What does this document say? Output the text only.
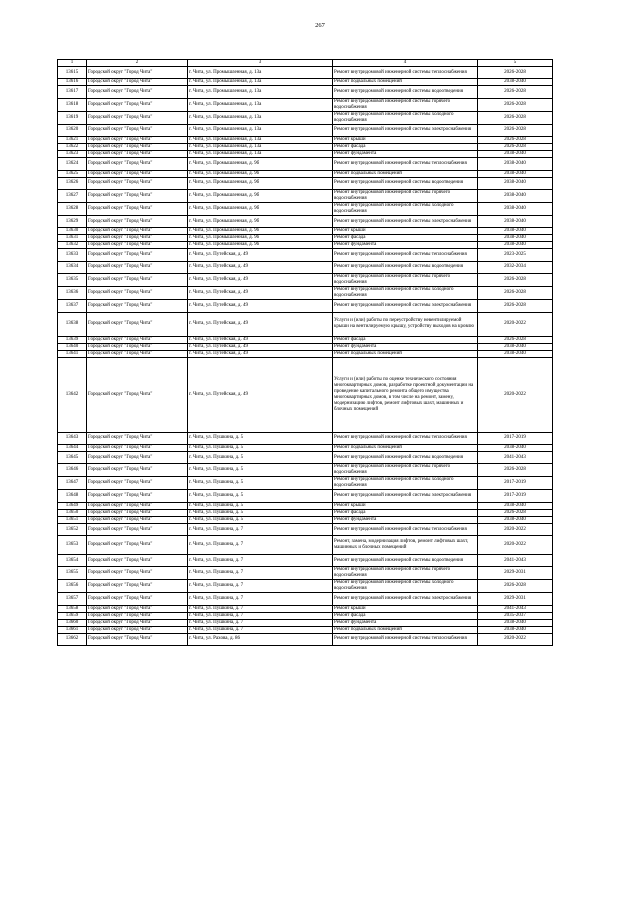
267
1	2	3	4	5
13615	Городской округ "Город Чита"	г. Чита, ул. Промышленная, д. 13а	Ремонт внутридомовой инженерной системы теплоснабжения	2026-2028
13616	Городской округ "Город Чита"	г. Чита, ул. Промышленная, д. 13а	Ремонт подвальных помещений	2038-2040
13617	Городской округ "Город Чита"	г. Чита, ул. Промышленная, д. 13а	Ремонт внутридомовой инженерной системы водоотведения	2026-2028
13618	Городской округ "Город Чита"	г. Чита, ул. Промышленная, д. 13а	Ремонт внутридомовой инженерной системы горячего водоснабжения	2026-2028
13619	Городской округ "Город Чита"	г. Чита, ул. Промышленная, д. 13а	Ремонт внутридомовой инженерной системы холодного водоснабжения	2026-2028
13620	Городской округ "Город Чита"	г. Чита, ул. Промышленная, д. 13а	Ремонт внутридомовой инженерной системы электроснабжения	2026-2028
13621	Городской округ "Город Чита"	г. Чита, ул. Промышленная, д. 13а	Ремонт крыши	2026-2028
13622	Городской округ "Город Чита"	г. Чита, ул. Промышленная, д. 13а	Ремонт фасада	2026-2028
13623	Городской округ "Город Чита"	г. Чита, ул. Промышленная, д. 13а	Ремонт фундамента	2038-2040
13624	Городской округ "Город Чита"	г. Чита, ул. Промышленная, д. 9б	Ремонт внутридомовой инженерной системы теплоснабжения	2038-2040
13625	Городской округ "Город Чита"	г. Чита, ул. Промышленная, д. 9б	Ремонт подвальных помещений	2038-2040
13626	Городской округ "Город Чита"	г. Чита, ул. Промышленная, д. 9б	Ремонт внутридомовой инженерной системы водоотведения	2038-2040
13627	Городской округ "Город Чита"	г. Чита, ул. Промышленная, д. 9б	Ремонт внутридомовой инженерной системы горячего водоснабжения	2038-2040
13628	Городской округ "Город Чита"	г. Чита, ул. Промышленная, д. 9б	Ремонт внутридомовой инженерной системы холодного водоснабжения	2038-2040
13629	Городской округ "Город Чита"	г. Чита, ул. Промышленная, д. 9б	Ремонт внутридомовой инженерной системы электроснабжения	2038-2040
13630	Городской округ "Город Чита"	г. Чита, ул. Промышленная, д. 9б	Ремонт крыши	2038-2040
13631	Городской округ "Город Чита"	г. Чита, ул. Промышленная, д. 9б	Ремонт фасада	2038-2040
13632	Городской округ "Город Чита"	г. Чита, ул. Промышленная, д. 9б	Ремонт фундамента	2038-2040
13633	Городской округ "Город Чита"	г. Чита, ул. Путейская, д. 49	Ремонт внутридомовой инженерной системы теплоснабжения	2023-2025
13634	Городской округ "Город Чита"	г. Чита, ул. Путейская, д. 49	Ремонт внутридомовой инженерной системы водоотведения	2032-2034
13635	Городской округ "Город Чита"	г. Чита, ул. Путейская, д. 49	Ремонт внутридомовой инженерной системы горячего водоснабжения	2026-2028
13636	Городской округ "Город Чита"	г. Чита, ул. Путейская, д. 49	Ремонт внутридомовой инженерной системы холодного водоснабжения	2026-2028
13637	Городской округ "Город Чита"	г. Чита, ул. Путейская, д. 49	Ремонт внутридомовой инженерной системы электроснабжения	2026-2028
13638	Городской округ "Город Чита"	г. Чита, ул. Путейская, д. 49	Услуги и (или) работы по переустройству невентилируемой крыши на вентилируемую крышу, устройству выходов на кровлю	2020-2022
13639	Городской округ "Город Чита"	г. Чита, ул. Путейская, д. 49	Ремонт фасада	2026-2028
13640	Городской округ "Город Чита"	г. Чита, ул. Путейская, д. 49	Ремонт фундамента	2038-2040
13641	Городской округ "Город Чита"	г. Чита, ул. Путейская, д. 49	Ремонт подвальных помещений	2038-2040
13642	Городской округ "Город Чита"	г. Чита, ул. Путейская, д. 49	Услуги и (или) работы по оценке технического состояния многоквартирных домов, разработке проектной документации на проведение капитального ремонта общего имущества многоквартирных домов, в том числе на ремонт, замену, модернизацию лифтов, ремонт лифтовых шахт, машинных и блочных помещений	2020-2022
13643	Городской округ "Город Чита"	г. Чита, ул. Пушкина, д. 5	Ремонт внутридомовой инженерной системы теплоснабжения	2017-2019
13644	Городской округ "Город Чита"	г. Чита, ул. Пушкина, д. 5	Ремонт подвальных помещений	2038-2040
13645	Городской округ "Город Чита"	г. Чита, ул. Пушкина, д. 5	Ремонт внутридомовой инженерной системы водоотведения	2041-2043
13646	Городской округ "Город Чита"	г. Чита, ул. Пушкина, д. 5	Ремонт внутридомовой инженерной системы горячего водоснабжения	2026-2028
13647	Городской округ "Город Чита"	г. Чита, ул. Пушкина, д. 5	Ремонт внутридомовой инженерной системы холодного водоснабжения	2017-2019
13648	Городской округ "Город Чита"	г. Чита, ул. Пушкина, д. 5	Ремонт внутридомовой инженерной системы электроснабжения	2017-2019
13649	Городской округ "Город Чита"	г. Чита, ул. Пушкина, д. 5	Ремонт крыши	2038-2040
13650	Городской округ "Город Чита"	г. Чита, ул. Пушкина, д. 5	Ремонт фасада	2026-2028
13651	Городской округ "Город Чита"	г. Чита, ул. Пушкина, д. 5	Ремонт фундамента	2038-2040
13652	Городской округ "Город Чита"	г. Чита, ул. Пушкина, д. 7	Ремонт внутридомовой инженерной системы теплоснабжения	2020-2022
13653	Городской округ "Город Чита"	г. Чита, ул. Пушкина, д. 7	Ремонт, замена, модернизация лифтов, ремонт лифтовых шахт, машинных и блочных помещений	2020-2022
13654	Городской округ "Город Чита"	г. Чита, ул. Пушкина, д. 7	Ремонт внутридомовой инженерной системы водоотведения	2041-2043
13655	Городской округ "Город Чита"	г. Чита, ул. Пушкина, д. 7	Ремонт внутридомовой инженерной системы горячего водоснабжения	2029-2031
13656	Городской округ "Город Чита"	г. Чита, ул. Пушкина, д. 7	Ремонт внутридомовой инженерной системы холодного водоснабжения	2026-2028
13657	Городской округ "Город Чита"	г. Чита, ул. Пушкина, д. 7	Ремонт внутридомовой инженерной системы электроснабжения	2029-2031
13658	Городской округ "Город Чита"	г. Чита, ул. Пушкина, д. 7	Ремонт крыши	2041-2043
13659	Городской округ "Город Чита"	г. Чита, ул. Пушкина, д. 7	Ремонт фасада	2035-2037
13660	Городской округ "Город Чита"	г. Чита, ул. Пушкина, д. 7	Ремонт фундамента	2038-2040
13661	Городской округ "Город Чита"	г. Чита, ул. Пушкина, д. 7	Ремонт подвальных помещений	2038-2040
13662	Городской округ "Город Чита"	г. Чита, ул. Рахова, д. 86	Ремонт внутридомовой инженерной системы теплоснабжения	2020-2022
